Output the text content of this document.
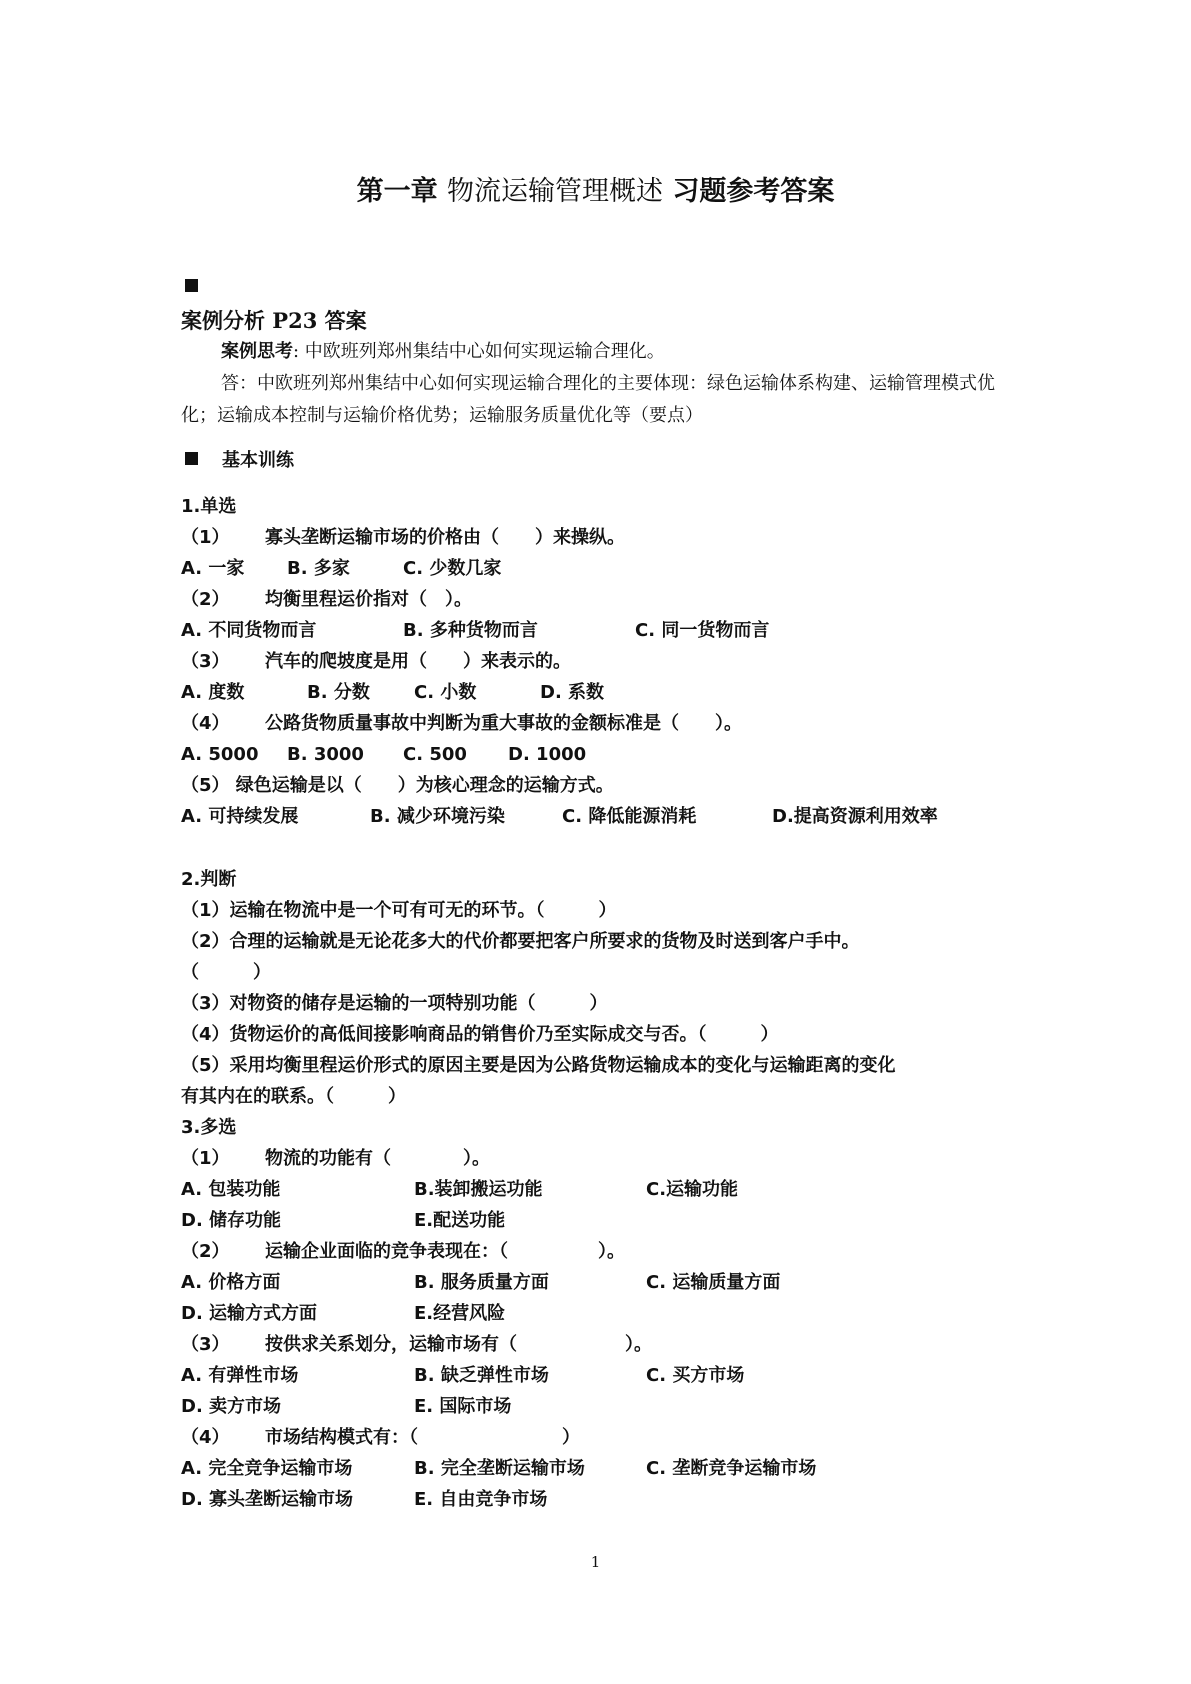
第一章 物流运输管理概述 习题参考答案
案例分析 P23 答案
案例思考: 中欧班列郑州集结中心如何实现运输合理化。
答：中欧班列郑州集结中心如何实现运输合理化的主要体现：绿色运输体系构建、运输管理模式优化；运输成本控制与运输价格优势；运输服务质量优化等（要点）
基本训练
1.单选
（1） 寡头垄断运输市场的价格由（　　）来操纵。
A. 一家 B. 多家	C. 少数几家
（2） 均衡里程运价指对（　）。
A. 不同货物而言	B. 多种货物而言	C. 同一货物而言
（3） 汽车的爬坡度是用（　　）来表示的。
A. 度数	B. 分数 C. 小数	D. 系数
（4） 公路货物质量事故中判断为重大事故的金额标准是（　　）。
A. 5000 B. 3000 C. 500 D. 1000
（5） 绿色运输是以（　　）为核心理念的运输方式。
A. 可持续发展	B. 减少环境污染	C. 降低能源消耗	D.提高资源利用效率
2.判断
（1）运输在物流中是一个可有可无的环节。（　　　）
（2）合理的运输就是无论花多大的代价都要把客户所要求的货物及时送到客户手中。
（　　　）
（3）对物资的储存是运输的一项特别功能（　　　）
（4）货物运价的高低间接影响商品的销售价乃至实际成交与否。（　　　）
（5）采用均衡里程运价形式的原因主要是因为公路货物运输成本的变化与运输距离的变化
有其内在的联系。（　　　）
3.多选
（1） 物流的功能有（　　　　）。
A. 包装功能	B.装卸搬运功能	C.运输功能
D. 储存功能	E.配送功能
（2） 运输企业面临的竞争表现在：（　　　　　）。
A. 价格方面	B. 服务质量方面	C. 运输质量方面
D. 运输方式方面	E.经营风险
（3） 按供求关系划分，运输市场有（　　　　　　）。
A. 有弹性市场	B. 缺乏弹性市场	C. 买方市场
D. 卖方市场	E. 国际市场
（4） 市场结构模式有：（　　　　　　　　）
A. 完全竞争运输市场	B. 完全垄断运输市场	C. 垄断竞争运输市场
D. 寡头垄断运输市场	E. 自由竞争市场
1
